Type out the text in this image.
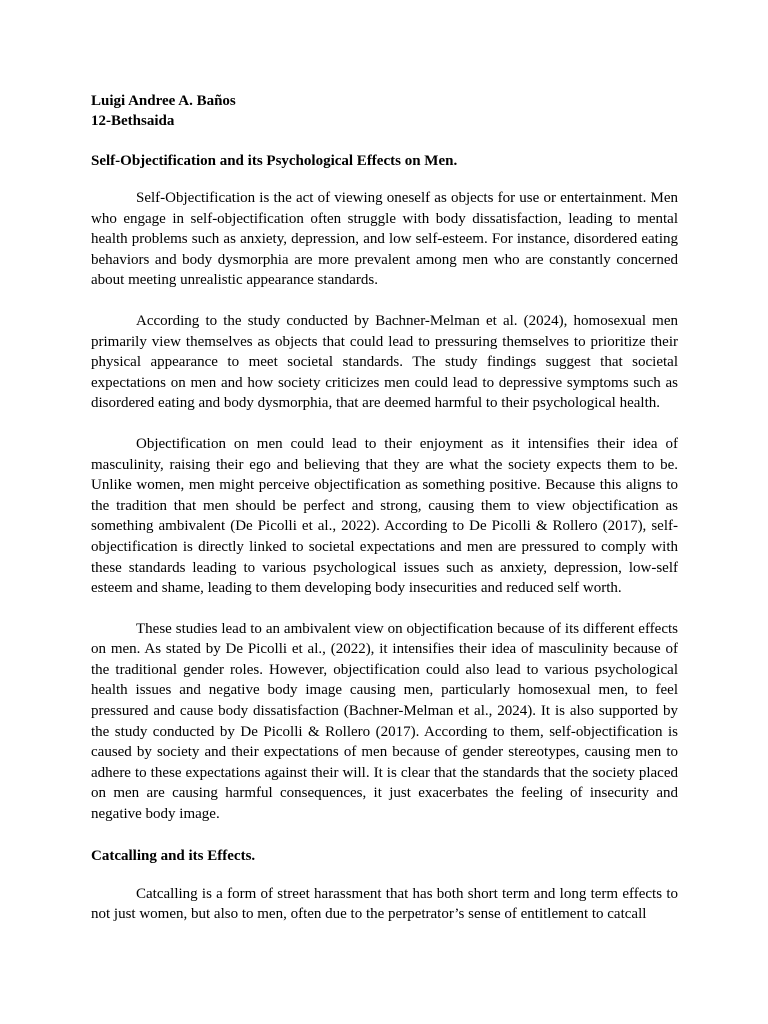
Luigi Andree A. Baños

12-Bethsaida

Self-Objectification and its Psychological Effects on Men.

Self-Objectification is the act of viewing oneself as objects for use or entertainment. Men who engage in self-objectification often struggle with body dissatisfaction, leading to mental health problems such as anxiety, depression, and low self-esteem. For instance, disordered eating behaviors and body dysmorphia are more prevalent among men who are constantly concerned about meeting unrealistic appearance standards.

According to the study conducted by Bachner-Melman et al. (2024), homosexual men primarily view themselves as objects that could lead to pressuring themselves to prioritize their physical appearance to meet societal standards. The study findings suggest that societal expectations on men and how society criticizes men could lead to depressive symptoms such as disordered eating and body dysmorphia, that are deemed harmful to their psychological health.

Objectification on men could lead to their enjoyment as it intensifies their idea of masculinity, raising their ego and believing that they are what the society expects them to be. Unlike women, men might perceive objectification as something positive. Because this aligns to the tradition that men should be perfect and strong, causing them to view objectification as something ambivalent (De Picolli et al., 2022). According to De Picolli & Rollero (2017), self-objectification is directly linked to societal expectations and men are pressured to comply with these standards leading to various psychological issues such as anxiety, depression, low-self esteem and shame, leading to them developing body insecurities and reduced self worth.

These studies lead to an ambivalent view on objectification because of its different effects on men. As stated by De Picolli et al., (2022), it intensifies their idea of masculinity because of the traditional gender roles. However, objectification could also lead to various psychological health issues and negative body image causing men, particularly homosexual men, to feel pressured and cause body dissatisfaction (Bachner-Melman et al., 2024). It is also supported by the study conducted by De Picolli & Rollero (2017). According to them, self-objectification is caused by society and their expectations of men because of gender stereotypes, causing men to adhere to these expectations against their will. It is clear that the standards that the society placed on men are causing harmful consequences, it just exacerbates the feeling of insecurity and negative body image.

Catcalling and its Effects.

Catcalling is a form of street harassment that has both short term and long term effects to not just women, but also to men, often due to the perpetrator’s sense of entitlement to catcall
